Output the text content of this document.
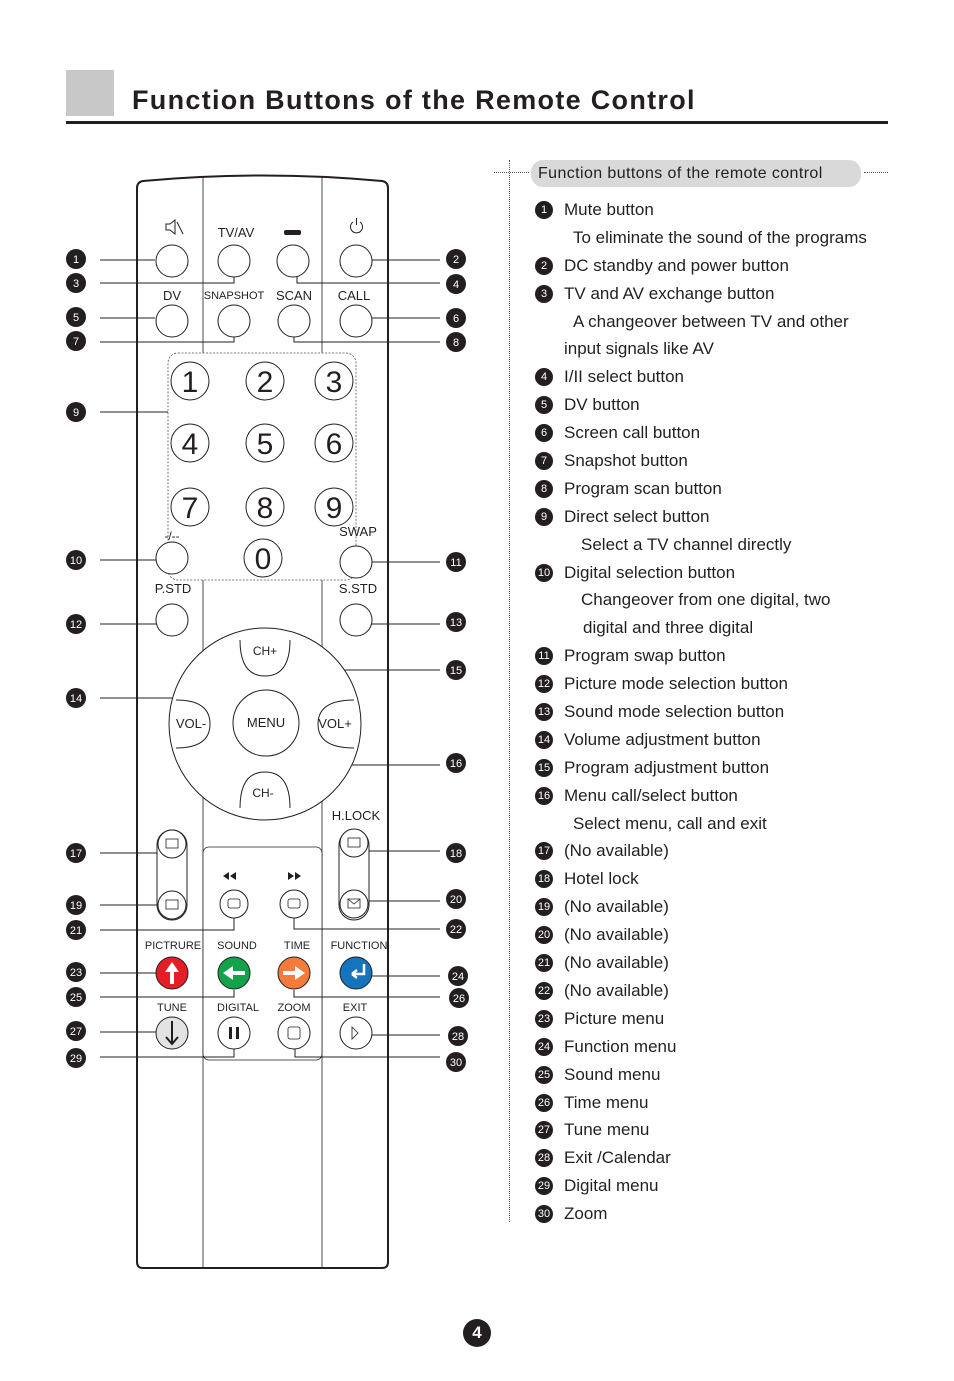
Function Buttons of the Remote Control
Function buttons of the remote control
TV/AV
DV SNAPSHOT SCAN CALL
SWAP
P.STD	S.STD
H.LOCK
1 2 3
4 5 6
7 8 9
0
-/--
CH+
CH-
VOL-	VOL+
MENU
PICTRURE SOUND TIME FUNCTION
TUNE	DIGITAL ZOOM	EXIT
1	2
3	4
5	6
7	8
9
10	11
12	13
14
15
16
17	18
19	20
21	22
23	24
25	26
27	28
29	30
1 Mute button
To eliminate the sound of the programs
2 DC standby and power button
3 TV and AV exchange button
A changeover between TV and other
input signals like AV
4 I/II select button
5 DV button
6 Screen call button
7 Snapshot button
8 Program scan button
9 Direct select button
Select a TV channel directly
10 Digital selection button
Changeover from one digital, two
digital and three digital
11 Program swap button
12 Picture mode selection button
13 Sound mode selection button
14 Volume adjustment button
15 Program adjustment button
16 Menu call/select button
Select menu, call and exit
17 (No available)
18 Hotel lock
19 (No available)
20 (No available)
21 (No available)
22 (No available)
23 Picture menu
24 Function menu
25 Sound menu
26 Time menu
27 Tune menu
28 Exit /Calendar
29 Digital menu
30 Zoom
4
